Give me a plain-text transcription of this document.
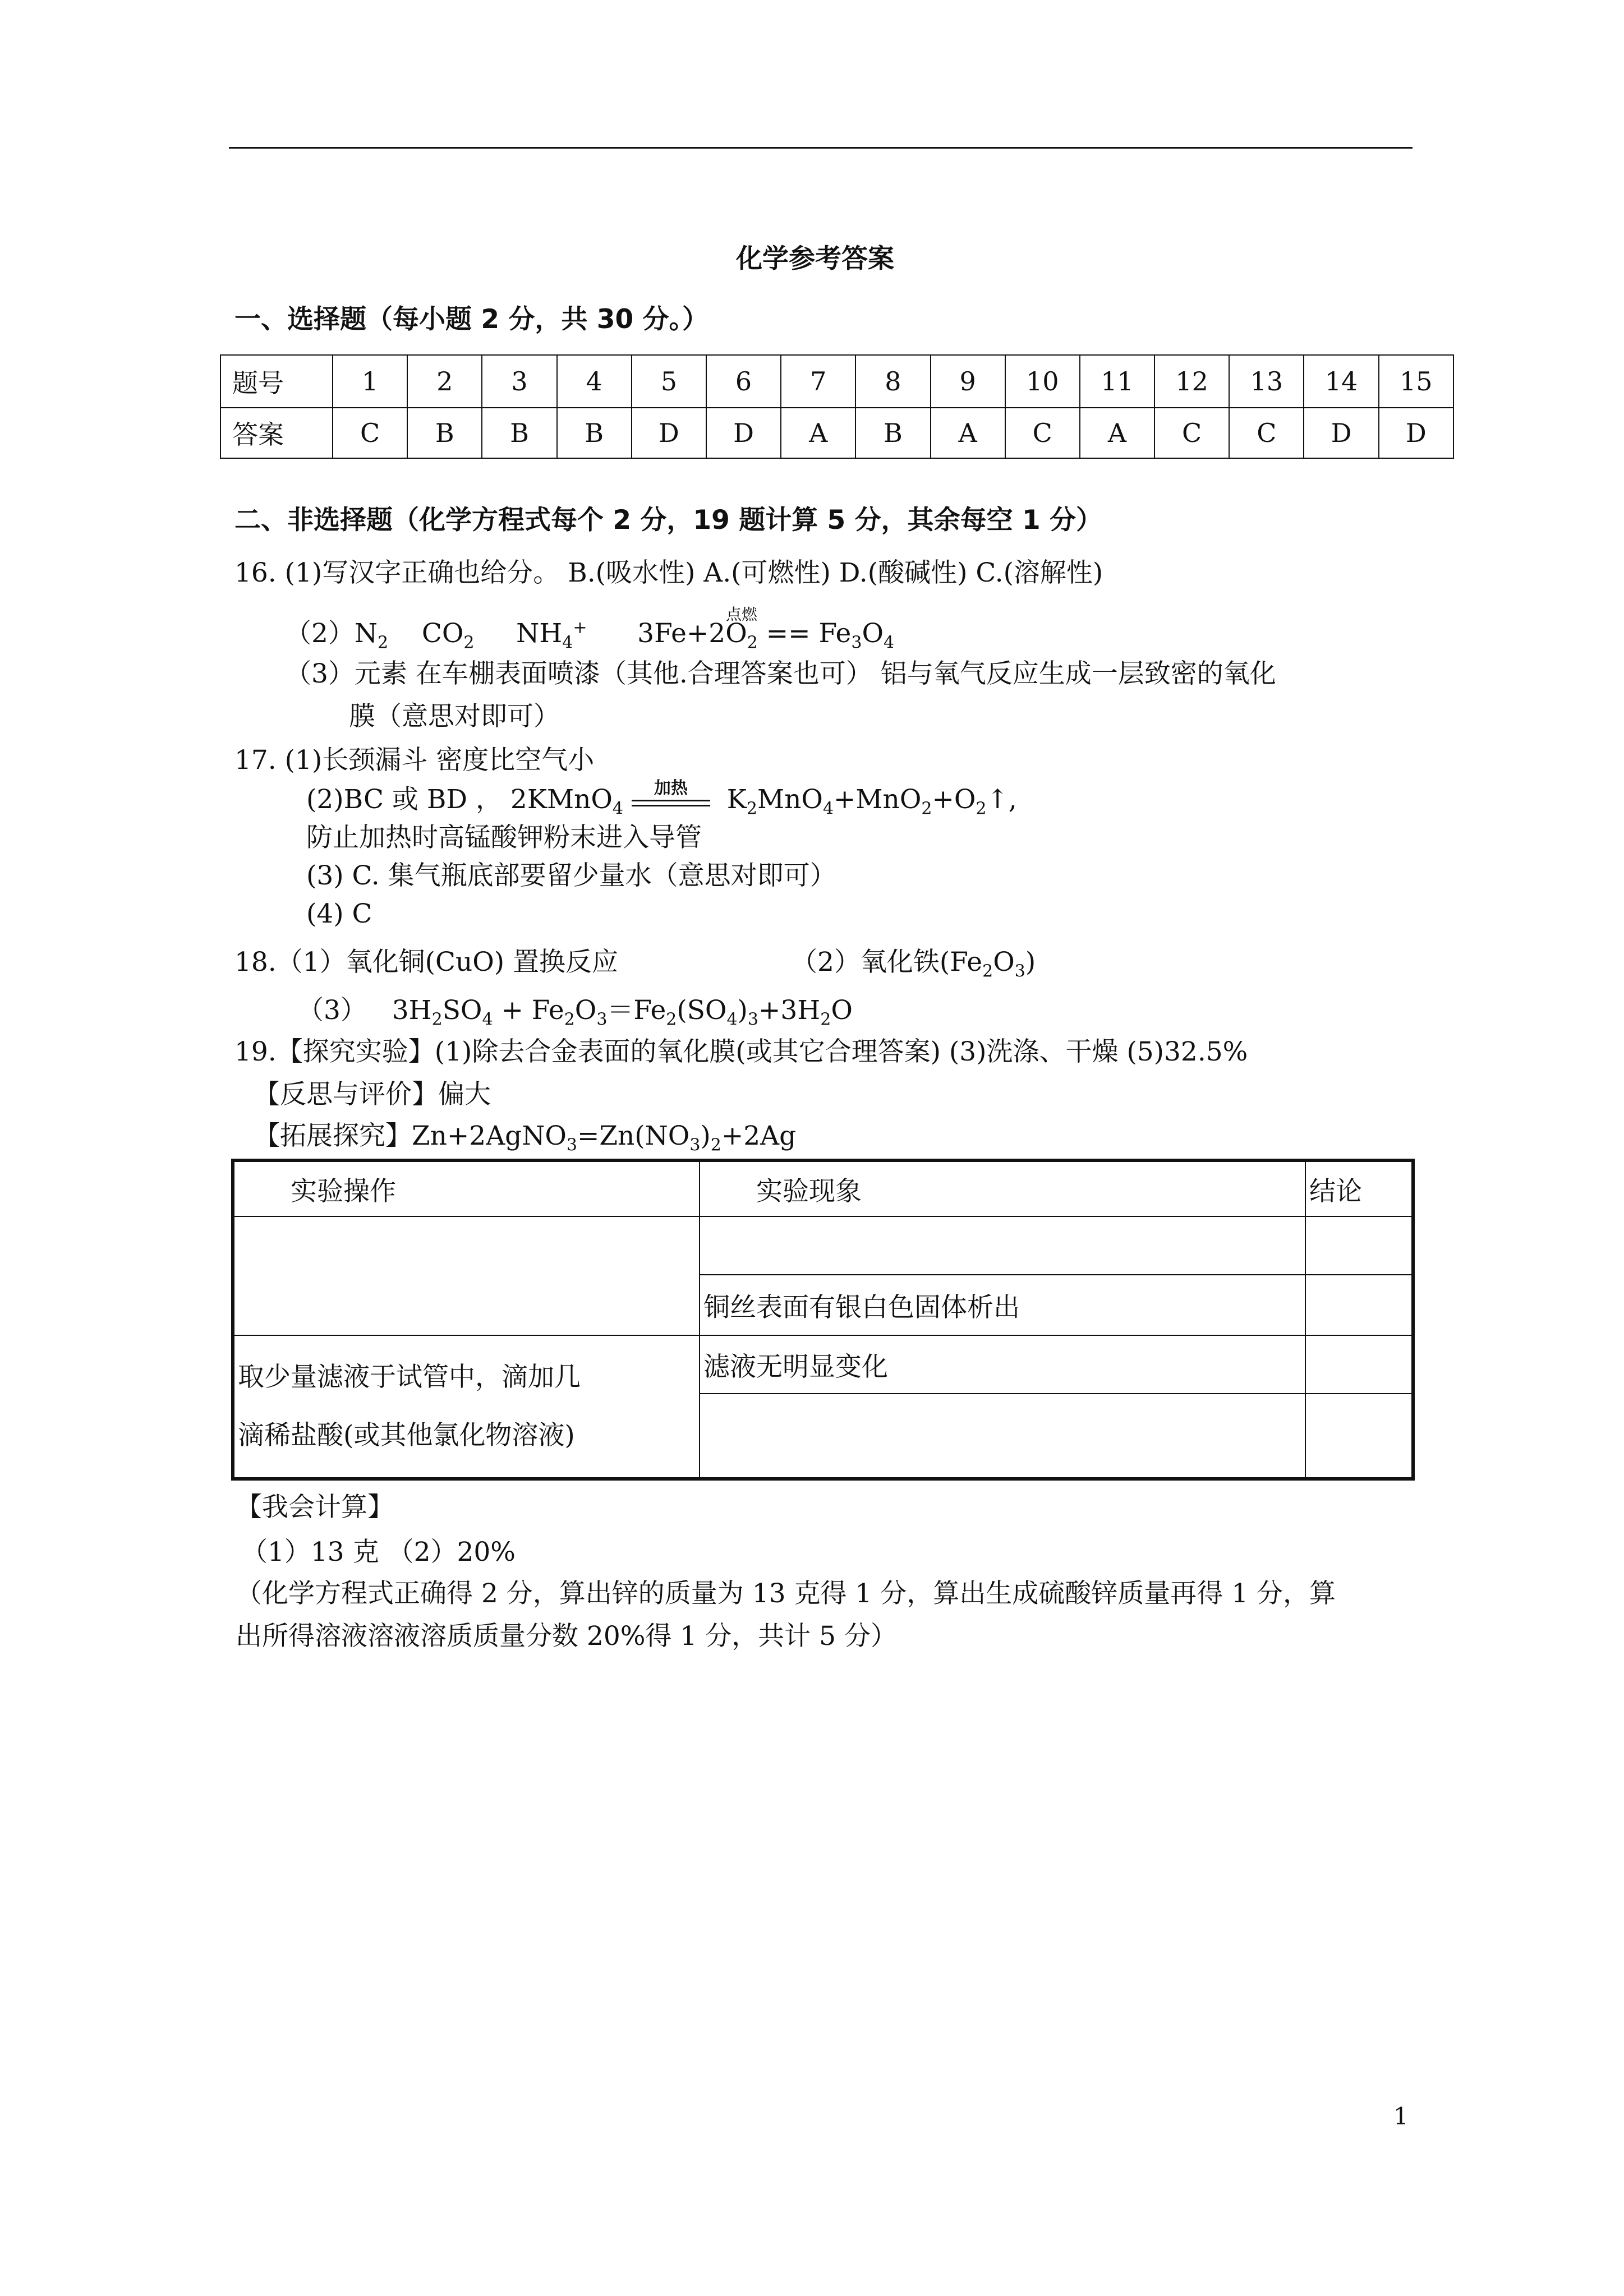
化学参考答案
一、选择题（每小题 2 分，共 30 分。）
题号	1	2	3	4	5	6	7	8	9	10	11	12	13	14	15
答案	C	B	B	B	D	D	A	B	A	C	A	C	C	D	D
二、非选择题（化学方程式每个 2 分，19 题计算 5 分，其余每空 1 分）
16. (1)写汉字正确也给分。 B.(吸水性) A.(可燃性) D.(酸碱性) C.(溶解性)
$(2)N_2$    $CO_2$     $NH_4^+$      $3Fe+2O_2$
点燃
== $Fe_3O_4$
（3）元素 在车棚表面喷漆（其他.合理答案也可） 铝与氧气反应生成一层致密的氧化
膜（意思对即可）
17. (1)长颈漏斗 密度比空气小
(2)BC 或 BD ， 2KMnO$_4$
加热 $K_2MnO_4+MnO_2+O_2↑$,
防止加热时高锰酸钾粉末进入导管
(3) C. 集气瓶底部要留少量水（意思对即可）
(4) C
18.（1）氧化铜(CuO) 置换反应	（2）氧化铁$(Fe_2O_3)$
（3）   $3H_2SO_4 + Fe_2O_3=Fe_2(SO_4)_3+3H_2O$
19.【探究实验】(1)除去合金表面的氧化膜(或其它合理答案) (3)洗涤、干燥 (5)32.5%
【反思与评价】偏大
【拓展探究】$Zn+2AgNO_3=Zn(NO_3)_2+2Ag$
实验操作	实验现象	结论

	铜丝表面有银白色固体析出	

取少量滤液于试管中，滴加几
滴稀盐酸(或其他氯化物溶液)	滤液无明显变化	

【我会计算】
（1）13 克 （2）20%
（化学方程式正确得 2 分，算出锌的质量为 13 克得 1 分，算出生成硫酸锌质量再得 1 分，算
出所得溶液溶液溶质质量分数 20%得 1 分，共计 5 分）
1
